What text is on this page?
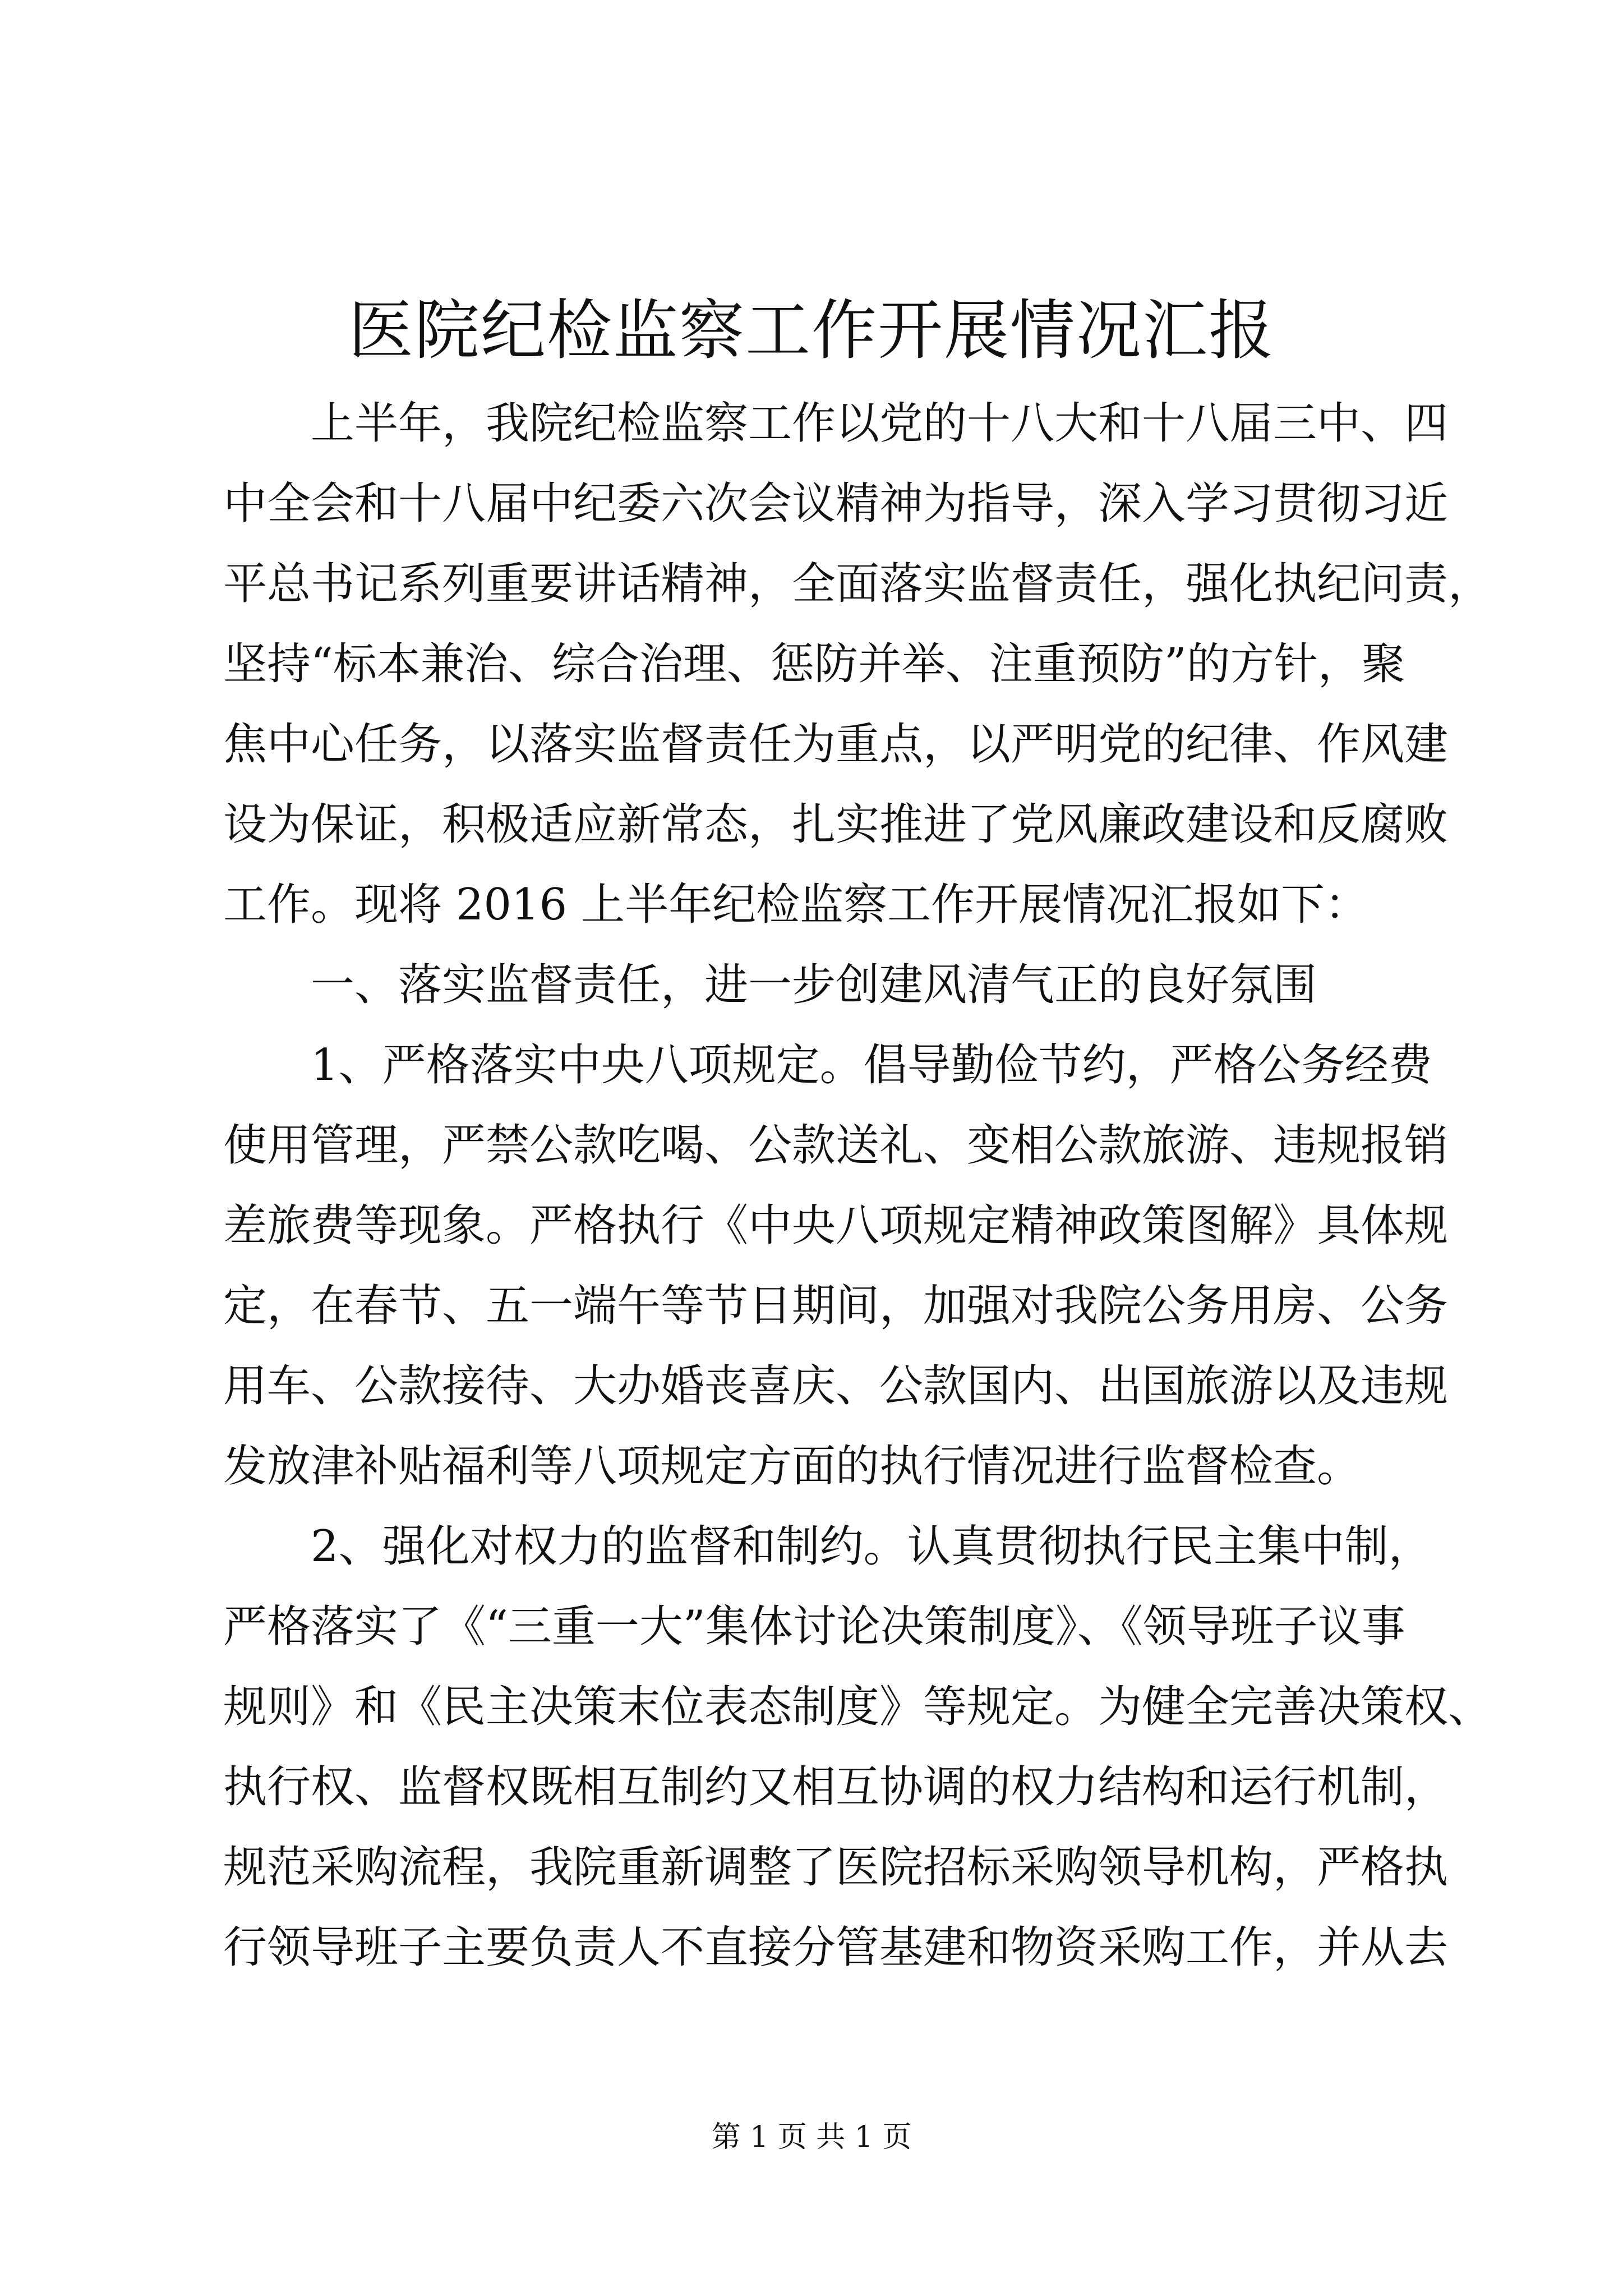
医院纪检监察工作开展情况汇报

　　上半年，我院纪检监察工作以党的十八大和十八届三中、四

中全会和十八届中纪委六次会议精神为指导，深入学习贯彻习近

平总书记系列重要讲话精神，全面落实监督责任，强化执纪问责，

坚持“标本兼治、综合治理、惩防并举、注重预防”的方针，聚

焦中心任务，以落实监督责任为重点，以严明党的纪律、作风建

设为保证，积极适应新常态，扎实推进了党风廉政建设和反腐败

工作。现将 2016 上半年纪检监察工作开展情况汇报如下：

　　一、落实监督责任，进一步创建风清气正的良好氛围

　　1、严格落实中央八项规定。倡导勤俭节约，严格公务经费

使用管理，严禁公款吃喝、公款送礼、变相公款旅游、违规报销

差旅费等现象。严格执行《中央八项规定精神政策图解》具体规

定，在春节、五一端午等节日期间，加强对我院公务用房、公务

用车、公款接待、大办婚丧喜庆、公款国内、出国旅游以及违规

发放津补贴福利等八项规定方面的执行情况进行监督检查。

　　2、强化对权力的监督和制约。认真贯彻执行民主集中制，

严格落实了《“三重一大”集体讨论决策制度》、《领导班子议事

规则》和《民主决策末位表态制度》等规定。为健全完善决策权、

执行权、监督权既相互制约又相互协调的权力结构和运行机制，

规范采购流程，我院重新调整了医院招标采购领导机构，严格执

行领导班子主要负责人不直接分管基建和物资采购工作，并从去

第 1 页 共 1 页
